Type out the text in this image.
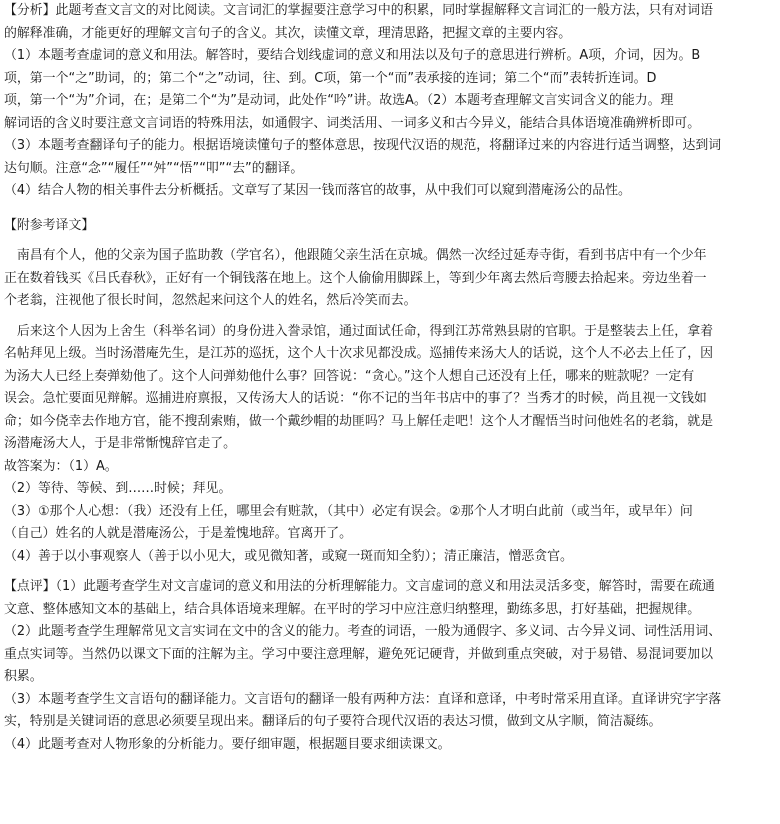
【分析】此题考查文言文的对比阅读。文言词汇的掌握要注意学习中的积累，同时掌握解释文言词汇的一般方法，只有对词语
的解释准确，才能更好的理解文言句子的含义。其次，读懂文章，理清思路，把握文章的主要内容。
（1）本题考查虚词的意义和用法。解答时，要结合划线虚词的意义和用法以及句子的意思进行辨析。A项，介词，因为。B
项，第一个“之”助词，的；第二个“之”动词，往、到。C项，第一个“而”表承接的连词；第二个“而”表转折连词。D
项，第一个“为”介词，在；是第二个“为”是动词，此处作“吟”讲。故选A。（2）本题考查理解文言实词含义的能力。理
解词语的含义时要注意文言词语的特殊用法，如通假字、词类活用、一词多义和古今异义，能结合具体语境准确辨析即可。
（3）本题考查翻译句子的能力。根据语境读懂句子的整体意思，按现代汉语的规范，将翻译过来的内容进行适当调整，达到词
达句顺。注意“念”“履任”“舛”“悟”“叩”“去”的翻译。
（4）结合人物的相关事件去分析概括。文章写了某因一钱而落官的故事，从中我们可以窥到潜庵汤公的品性。
【附参考译文】
　南昌有个人，他的父亲为国子监助教（学官名），他跟随父亲生活在京城。偶然一次经过延寿寺街，看到书店中有一个少年
正在数着钱买《吕氏春秋》，正好有一个铜钱落在地上。这个人偷偷用脚踩上，等到少年离去然后弯腰去拾起来。旁边坐着一
个老翁，注视他了很长时间，忽然起来问这个人的姓名，然后冷笑而去。
　后来这个人因为上舍生（科举名词）的身份进入誊录馆，通过面试任命，得到江苏常熟县尉的官职。于是整装去上任，拿着
名帖拜见上级。当时汤潜庵先生，是江苏的巡抚，这个人十次求见都没成。巡捕传来汤大人的话说，这个人不必去上任了，因
为汤大人已经上奏弹劾他了。这个人问弹劾他什么事？回答说：“贪心。”这个人想自己还没有上任，哪来的赃款呢？一定有
误会。急忙要面见辩解。巡捕进府禀报，又传汤大人的话说：“你不记的当年书店中的事了？当秀才的时候，尚且视一文钱如
命；如今侥幸去作地方官，能不搜刮索贿，做一个戴纱帽的劫匪吗？马上解任走吧！这个人才醒悟当时问他姓名的老翁，就是
汤潜庵汤大人，于是非常惭愧辞官走了。
故答案为：（1）A。
（2）等待、等候、到……时候；拜见。
（3）①那个人心想：（我）还没有上任，哪里会有赃款，（其中）必定有误会。②那个人才明白此前（或当年，或早年）问
（自己）姓名的人就是潜庵汤公，于是羞愧地辞。官离开了。
（4）善于以小事观察人（善于以小见大，或见微知著，或窥一斑而知全豹）；清正廉洁，憎恶贪官。
【点评】（1）此题考查学生对文言虚词的意义和用法的分析理解能力。文言虚词的意义和用法灵活多变，解答时，需要在疏通
文意、整体感知文本的基础上，结合具体语境来理解。在平时的学习中应注意归纳整理，勤练多思，打好基础，把握规律。
（2）此题考查学生理解常见文言实词在文中的含义的能力。考查的词语，一般为通假字、多义词、古今异义词、词性活用词、
重点实词等。当然仍以课文下面的注解为主。学习中要注意理解，避免死记硬背，并做到重点突破，对于易错、易混词要加以
积累。
（3）本题考查学生文言语句的翻译能力。文言语句的翻译一般有两种方法：直译和意译，中考时常采用直译。直译讲究字字落
实，特别是关键词语的意思必须要呈现出来。翻译后的句子要符合现代汉语的表达习惯，做到文从字顺，简洁凝练。
（4）此题考查对人物形象的分析能力。要仔细审题，根据题目要求细读课文。
